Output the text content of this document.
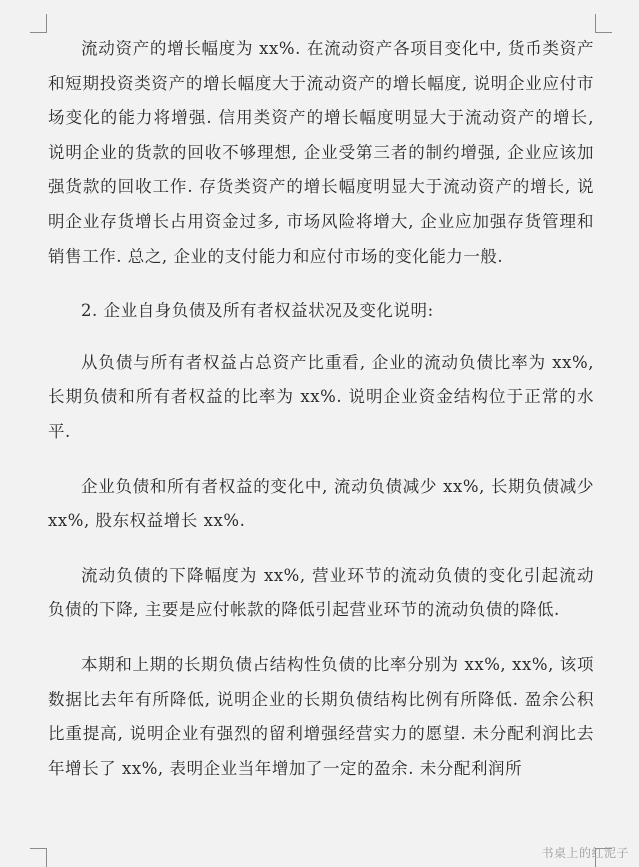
流动资产的增长幅度为 xx%. 在流动资产各项目变化中, 货币类资产和短期投资类资产的增长幅度大于流动资产的增长幅度, 说明企业应付市场变化的能力将增强. 信用类资产的增长幅度明显大于流动资产的增长, 说明企业的货款的回收不够理想, 企业受第三者的制约增强, 企业应该加强货款的回收工作. 存货类资产的增长幅度明显大于流动资产的增长, 说明企业存货增长占用资金过多, 市场风险将增大, 企业应加强存货管理和销售工作. 总之, 企业的支付能力和应付市场的变化能力一般.

2. 企业自身负债及所有者权益状况及变化说明:

从负债与所有者权益占总资产比重看, 企业的流动负债比率为 xx%, 长期负债和所有者权益的比率为 xx%. 说明企业资金结构位于正常的水平.

企业负债和所有者权益的变化中, 流动负债减少 xx%, 长期负债减少 xx%, 股东权益增长 xx%.

流动负债的下降幅度为 xx%, 营业环节的流动负债的变化引起流动负债的下降, 主要是应付帐款的降低引起营业环节的流动负债的降低.

本期和上期的长期负债占结构性负债的比率分别为 xx%, xx%, 该项数据比去年有所降低, 说明企业的长期负债结构比例有所降低. 盈余公积比重提高, 说明企业有强烈的留利增强经营实力的愿望. 未分配利润比去年增长了 xx%, 表明企业当年增加了一定的盈余. 未分配利润所

书桌上的红泥子
